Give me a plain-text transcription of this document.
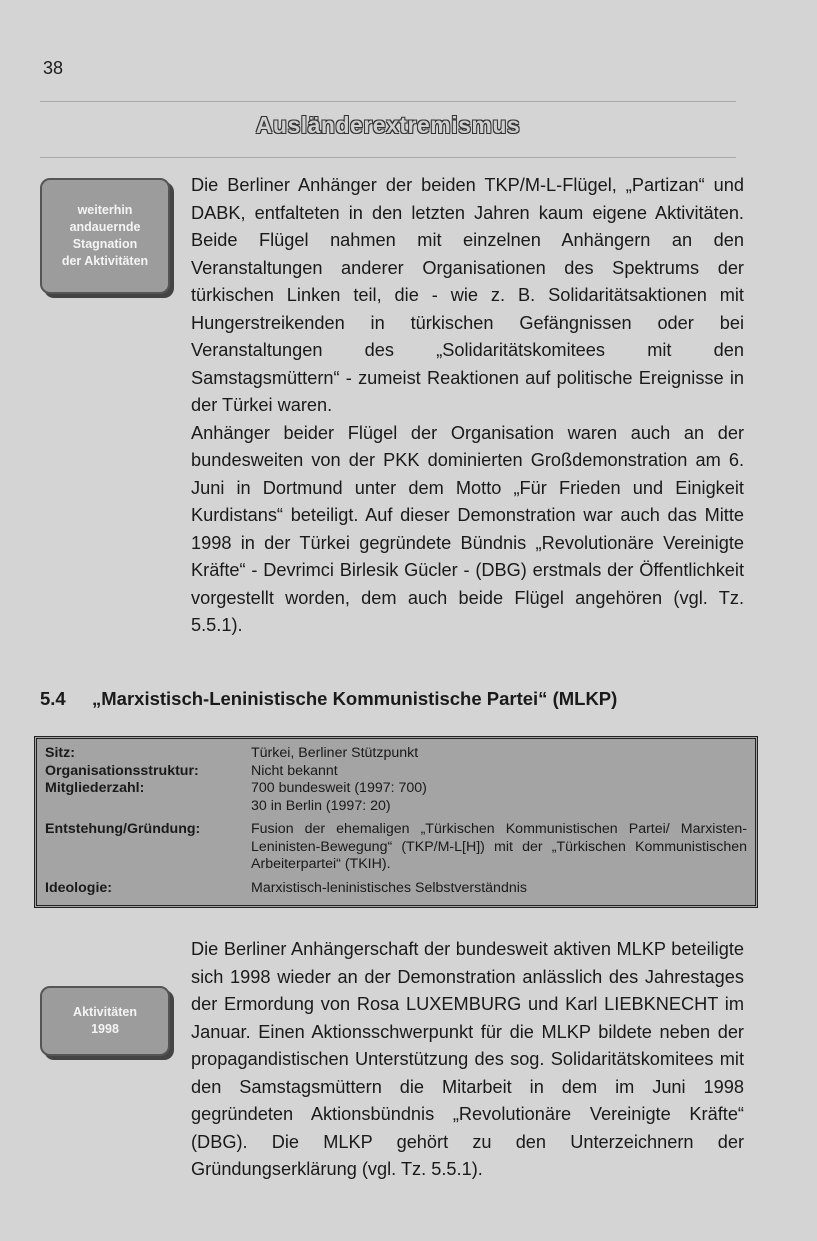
38
Ausländerextremismus
weiterhin
andauernde
Stagnation
der Aktivitäten

Die Berliner Anhänger der beiden TKP/M-L-Flügel, „Partizan“ und DABK, entfalteten in den letzten Jahren kaum eigene Aktivitäten. Beide Flügel nahmen mit einzelnen Anhängern an den Veranstaltungen anderer Organisationen des Spektrums der türkischen Linken teil, die - wie z. B. Solidaritätsaktionen mit Hungerstreikenden in türkischen Gefängnissen oder bei Veranstaltungen des „Solidaritätskomitees mit den Samstagsmüttern“ - zumeist Reaktionen auf politische Ereignisse in der Türkei waren.

Anhänger beider Flügel der Organisation waren auch an der bundesweiten von der PKK dominierten Großdemonstration am 6. Juni in Dortmund unter dem Motto „Für Frieden und Einigkeit Kurdistans“ beteiligt. Auf dieser Demonstration war auch das Mitte 1998 in der Türkei gegründete Bündnis „Revolutionäre Vereinigte Kräfte“ - Devrimci Birlesik Gücler - (DBG) erstmals der Öffentlichkeit vorgestellt worden, dem auch beide Flügel angehören (vgl. Tz. 5.5.1).

5.4 „Marxistisch-Leninistische Kommunistische Partei“ (MLKP)
Sitz:	Türkei, Berliner Stützpunkt
Organisationsstruktur:	Nicht bekannt
Mitgliederzahl:	700 bundesweit (1997: 700)
30 in Berlin (1997: 20)
Entstehung/Gründung:	Fusion der ehemaligen „Türkischen Kommunistischen Partei/ Marxisten-Leninisten-Bewegung“ (TKP/M-L[H]) mit der „Türkischen Kommunistischen Arbeiterpartei“ (TKIH).
Ideologie:	Marxistisch-leninistisches Selbstverständnis
Aktivitäten
1998

Die Berliner Anhängerschaft der bundesweit aktiven MLKP beteiligte sich 1998 wieder an der Demonstration anlässlich des Jahrestages der Ermordung von Rosa LUXEMBURG und Karl LIEBKNECHT im Januar. Einen Aktionsschwerpunkt für die MLKP bildete neben der propagandistischen Unterstützung des sog. Solidaritätskomitees mit den Samstagsmüttern die Mitarbeit in dem im Juni 1998 gegründeten Aktionsbündnis „Revolutionäre Vereinigte Kräfte“ (DBG). Die MLKP gehört zu den Unterzeichnern der Gründungserklärung (vgl. Tz. 5.5.1).
